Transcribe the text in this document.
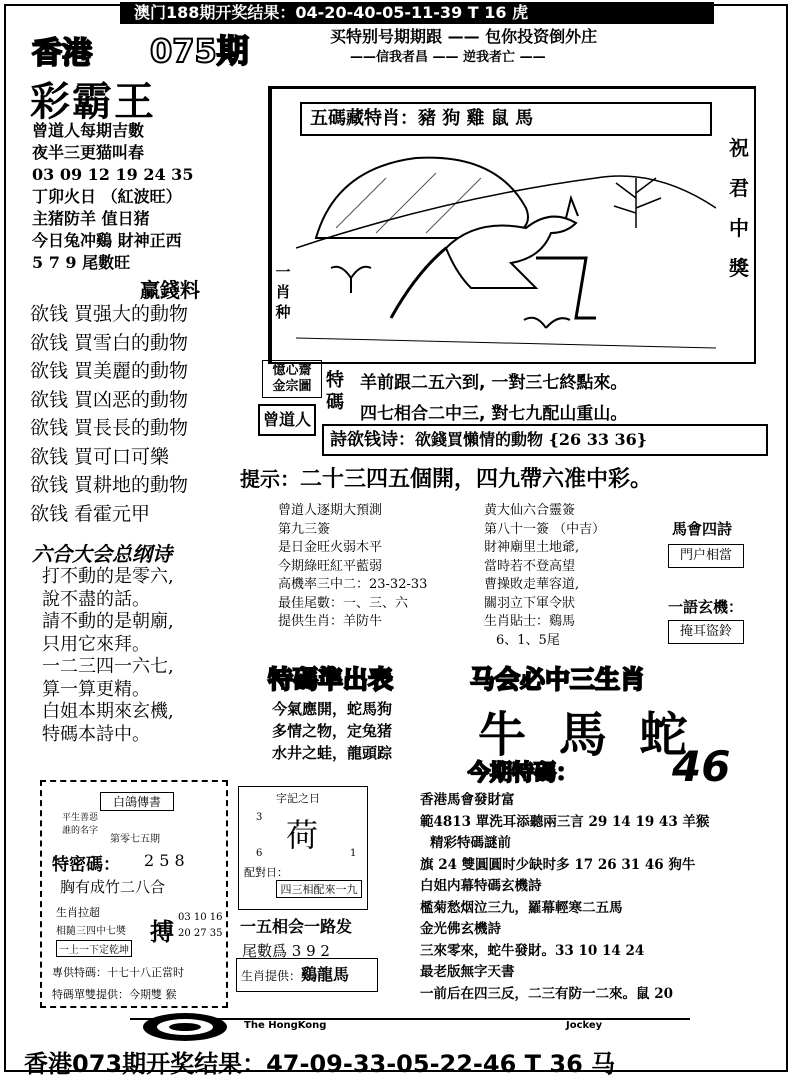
澳门188期开奖结果：04-20-40-05-11-39 T 16 虎
买特别号期期跟 —— 包你投资倒外庄
——信我者昌 —— 逆我者亡 ——
香港 075期
彩霸王
曾道人每期吉數
夜半三更猫叫春
03 09 12 19 24 35
丁卯火日 （紅波旺）
主猪防羊 值日猪
今日兔冲鷄 財神正西
5 7 9 尾數旺
赢錢料
欲钱 買强大的動物
欲钱 買雪白的動物
欲钱 買美麗的動物
欲钱 買凶恶的動物
欲钱 買長長的動物
欲钱 買可口可樂
欲钱 買耕地的動物
欲钱 看霍元甲
六合大会总纲诗
打不動的是零六,
說不盡的話。
請不動的是朝廟,
只用它來拜。
一二三四一六七,
算一算更精。
白姐本期來玄機,
特碼本詩中。
五碼藏特肖：豬 狗 雞 鼠 馬
祝君中獎
一肖种
憶心齋 金宗圖
曾道人
特碼
羊前跟二五六到, 一對三七終點來。
四七相合二中三, 對七九配山重山。
詩欲钱诗：欲錢買懶情的動物 {26 33 36}
提示：二十三四五個開，四九帶六准中彩。
曾道人逐期大預測
第九三簽
是日金旺火弱木平
今期綠旺紅平藍弱
高機率三中二：23-32-33
最佳尾數：一、三、六
提供生肖：羊防牛
黄大仙六合靈簽
第八十一簽 （中吉）
財神廟里土地爺,
當時若不登高望
曹操敗走華容道,
關羽立下軍令狀
生肖貼士：鷄馬
6、1、5尾
馬會四詩
門户相當
一語玄機：
掩耳盜鈴
特碼準出表
今氣應開，蛇馬狗
多情之物，定兔猪
水井之蛙，龍頭踪
马会必中三生肖
牛 馬 蛇
今期特碼： 46
白鴿傳書
平生善惡 誰的名字
第零七五期
特密碼： 2 5 8
胸有成竹二八合
生肖拉超
相隨三四中七奬
一上一下定乾坤
搏 03 10 16
20 27 35
專供特碼：十七十八正當时
特碼單雙提供：今期雙 猴
字記之日
3 荷
6	1
配對日：
四三相配來一九
一五相会一路发
尾數爲 3 9 2
生肖提供：鷄龍馬
香港馬會發財富
範4813 單洗耳添聽兩三言 29 14 19 43 羊猴
精彩特碼謎前
旗 24 雙圓圓时少缺时多 17 26 31 46 狗牛
白姐内幕特碼玄機詩
檻菊愁烟泣三九，羅幕輕寒二五馬
金光佛玄機詩
三來零來，蛇牛發財。33 10 14 24
最老版無字天書
一前后在四三反，二三有防一二來。鼠 20
The HongKong	Jockey
香港073期开奖结果：47-09-33-05-22-46 T 36 马
